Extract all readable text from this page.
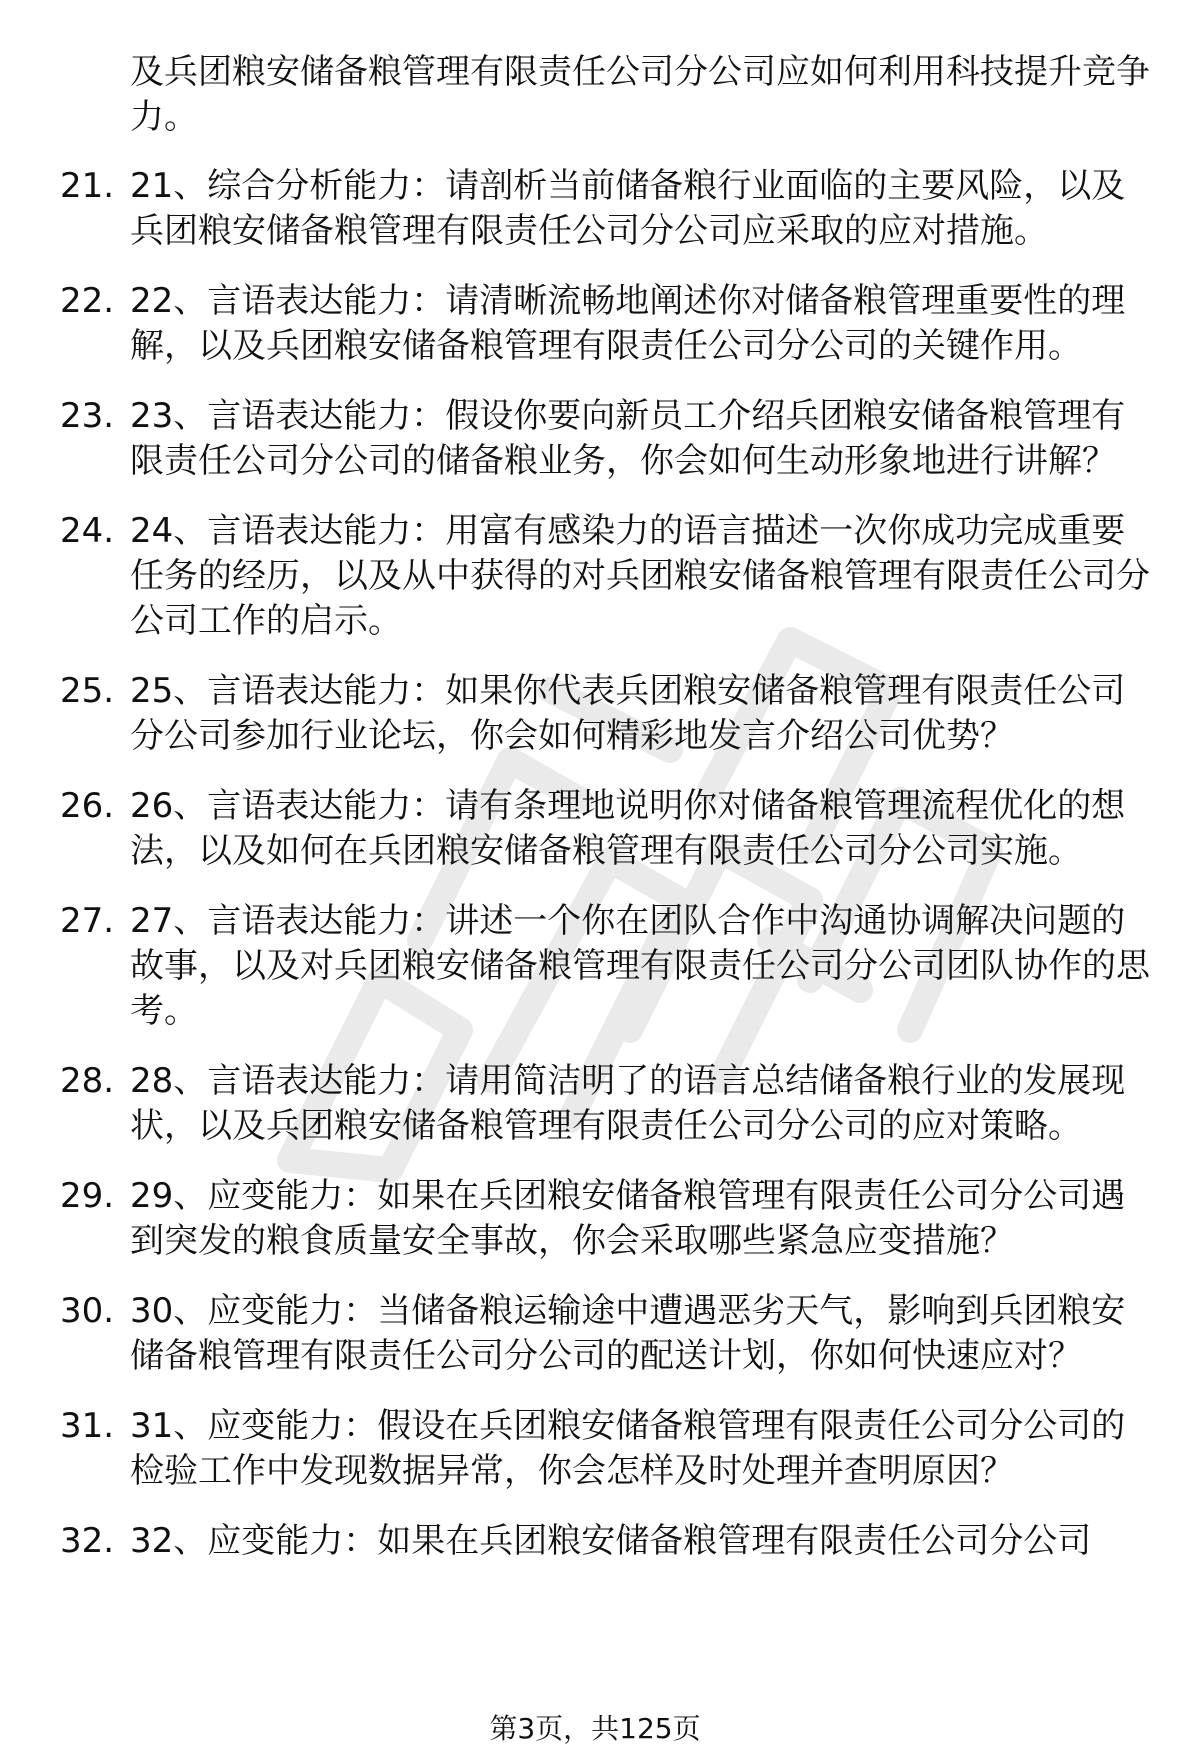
及兵团粮安储备粮管理有限责任公司分公司应如何利用科技提升竞争力。
21. 21、综合分析能力：请剖析当前储备粮行业面临的主要风险，以及兵团粮安储备粮管理有限责任公司分公司应采取的应对措施。
22. 22、言语表达能力：请清晰流畅地阐述你对储备粮管理重要性的理解，以及兵团粮安储备粮管理有限责任公司分公司的关键作用。
23. 23、言语表达能力：假设你要向新员工介绍兵团粮安储备粮管理有限责任公司分公司的储备粮业务，你会如何生动形象地进行讲解？
24. 24、言语表达能力：用富有感染力的语言描述一次你成功完成重要任务的经历，以及从中获得的对兵团粮安储备粮管理有限责任公司分公司工作的启示。
25. 25、言语表达能力：如果你代表兵团粮安储备粮管理有限责任公司分公司参加行业论坛，你会如何精彩地发言介绍公司优势？
26. 26、言语表达能力：请有条理地说明你对储备粮管理流程优化的想法，以及如何在兵团粮安储备粮管理有限责任公司分公司实施。
27. 27、言语表达能力：讲述一个你在团队合作中沟通协调解决问题的故事，以及对兵团粮安储备粮管理有限责任公司分公司团队协作的思考。
28. 28、言语表达能力：请用简洁明了的语言总结储备粮行业的发展现状，以及兵团粮安储备粮管理有限责任公司分公司的应对策略。
29. 29、应变能力：如果在兵团粮安储备粮管理有限责任公司分公司遇到突发的粮食质量安全事故，你会采取哪些紧急应变措施？
30. 30、应变能力：当储备粮运输途中遭遇恶劣天气，影响到兵团粮安储备粮管理有限责任公司分公司的配送计划，你如何快速应对？
31. 31、应变能力：假设在兵团粮安储备粮管理有限责任公司分公司的检验工作中发现数据异常，你会怎样及时处理并查明原因？
32. 32、应变能力：如果在兵团粮安储备粮管理有限责任公司分公司
第3页，共125页
